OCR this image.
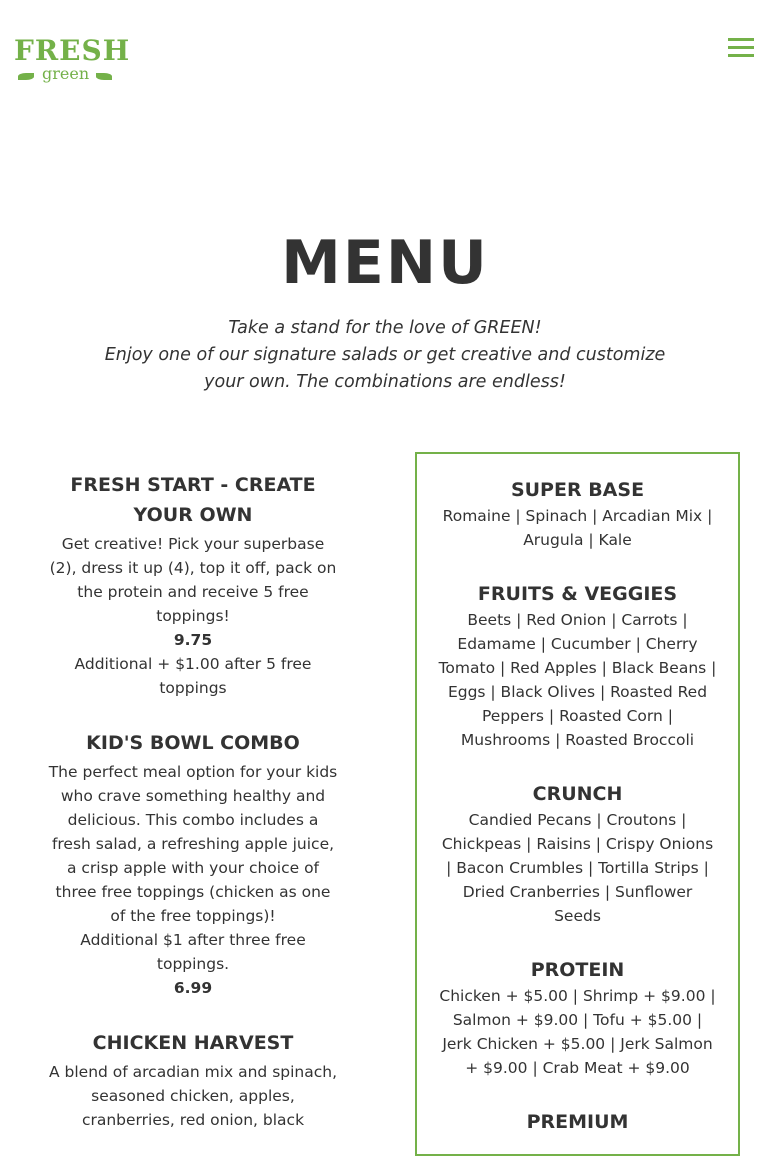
FRESH
green
MENU

Take a stand for the love of GREEN!

Enjoy one of our signature salads or get creative and customize your own. The combinations are endless!

FRESH START - CREATE YOUR OWN

Get creative! Pick your superbase (2), dress it up (4), top it off, pack on the protein and receive 5 free toppings!

9.75

Additional + $1.00 after 5 free toppings

KID'S BOWL COMBO

The perfect meal option for your kids who crave something healthy and delicious. This combo includes a fresh salad, a refreshing apple juice, a crisp apple with your choice of three free toppings (chicken as one of the free toppings)!

Additional $1 after three free toppings.

6.99

CHICKEN HARVEST

A blend of arcadian mix and spinach, seasoned chicken, apples, cranberries, red onion, black

SUPER BASE

Romaine | Spinach | Arcadian Mix | Arugula | Kale

FRUITS & VEGGIES

Beets | Red Onion | Carrots | Edamame | Cucumber | Cherry Tomato | Red Apples | Black Beans | Eggs | Black Olives | Roasted Red Peppers | Roasted Corn | Mushrooms | Roasted Broccoli

CRUNCH

Candied Pecans | Croutons | Chickpeas | Raisins | Crispy Onions | Bacon Crumbles | Tortilla Strips | Dried Cranberries | Sunflower Seeds

PROTEIN

Chicken + $5.00 | Shrimp + $9.00 | Salmon + $9.00 | Tofu + $5.00 | Jerk Chicken + $5.00 | Jerk Salmon + $9.00 | Crab Meat + $9.00

PREMIUM
